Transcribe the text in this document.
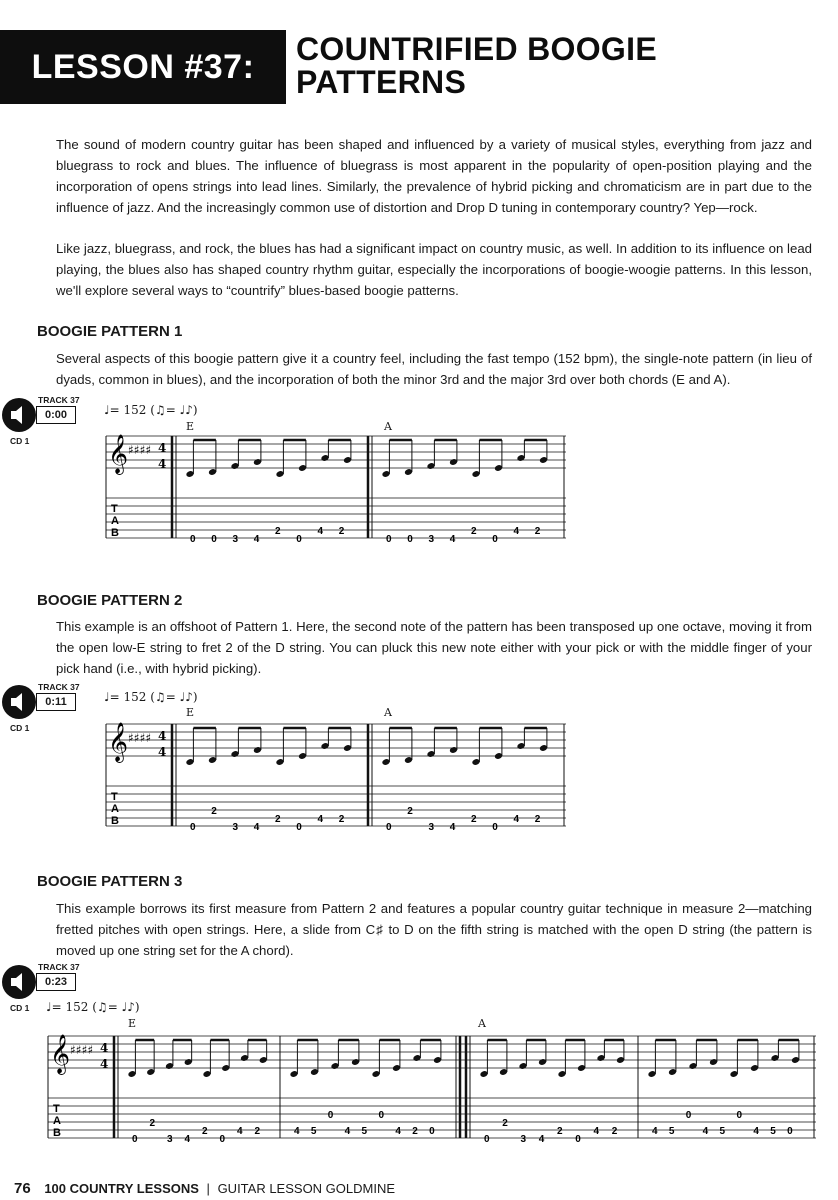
LESSON #37: COUNTRIFIED BOOGIE
PATTERNS

The sound of modern country guitar has been shaped and influenced by a variety of musical styles, everything from jazz and bluegrass to rock and blues. The influence of bluegrass is most apparent in the popularity of open-position playing and the incorporation of opens strings into lead lines. Similarly, the prevalence of hybrid picking and chromaticism are in part due to the influence of jazz. And the increasingly common use of distortion and Drop D tuning in contemporary country? Yep—rock.

Like jazz, bluegrass, and rock, the blues has had a significant impact on country music, as well. In addition to its influence on lead playing, the blues also has shaped country rhythm guitar, especially the incorporations of boogie-woogie patterns. In this lesson, we'll explore several ways to “countrify” blues-based boogie patterns.

BOOGIE PATTERN 1

Several aspects of this boogie pattern give it a country feel, including the fast tempo (152 bpm), the single-note pattern (in lieu of dyads, common in blues), and the incorporation of both the minor 3rd and the major 3rd over both chords (E and A).

TRACK 37
0:00
CD 1
♩= 152 (♫= ♩♪)
E	A
𝄞 ♯♯♯♯ 4
4
T
A
B
0 0 3 4
2
0
4 2
0 0 3 4
2
0
4 2
BOOGIE PATTERN 2

This example is an offshoot of Pattern 1. Here, the second note of the pattern has been transposed up one octave, moving it from the open low-E string to fret 2 of the D string. You can pluck this new note either with your pick or with the middle finger of your pick hand (i.e., with hybrid picking).

TRACK 37
0:11
CD 1
♩= 152 (♫= ♩♪)
E	A
𝄞 ♯♯♯♯ 4
4
T
A
B
0
2
3 4
2
0
4 2
0
2
3 4
2
0
4 2
BOOGIE PATTERN 3

This example borrows its first measure from Pattern 2 and features a popular country guitar technique in measure 2—matching fretted pitches with open strings. Here, a slide from C♯ to D on the fifth string is matched with the open D string (the pattern is moved up one string set for the A chord).

TRACK 37
0:23
CD 1 ♩= 152 (♫= ♩♪)
E	A
𝄞 ♯♯♯♯ 4
4
T
A
B
0
2
3 4
2
0
4 2	4 5
0
4 5
0
4 2 0
0
2
3 4
2
0
4 2	4 5
0
4 5
0
4 5 0
76 100 COUNTRY LESSONS | GUITAR LESSON GOLDMINE
